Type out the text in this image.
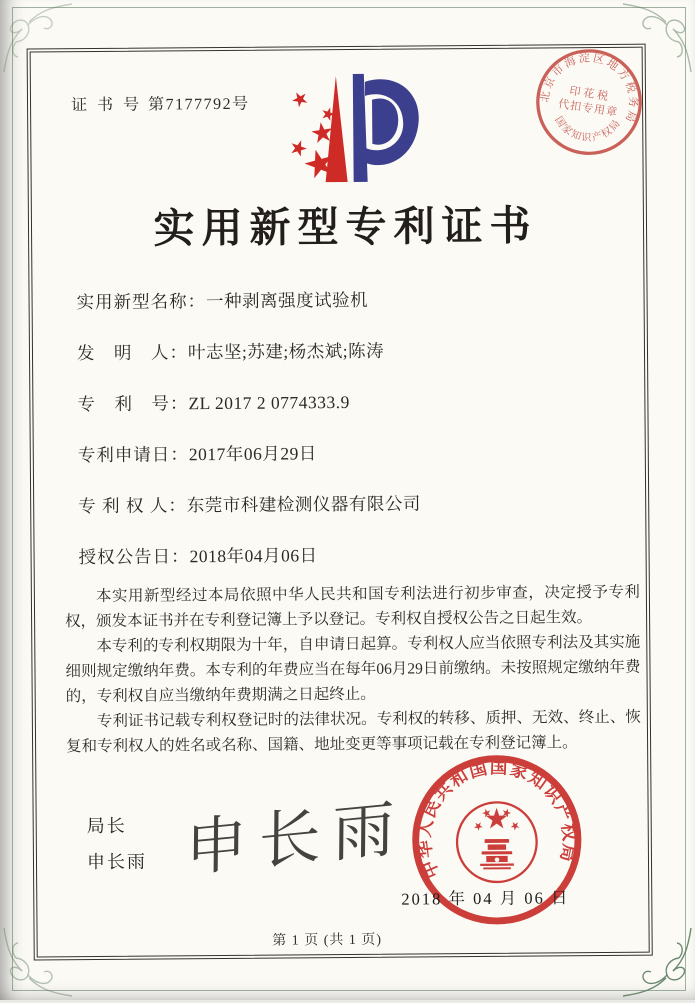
证 书 号 第7177792号
北京市海淀区地方税务局
国家知识产权局
印花税
代扣专用章
实用新型专利证书
实用新型名称：一种剥离强度试验机
发　明　人：叶志坚;苏建;杨杰斌;陈涛
专　利　号：ZL 2017 2 0774333.9
专利申请日：2017年06月29日
专 利 权 人：东莞市科建检测仪器有限公司
授权公告日：2018年04月06日

本实用新型经过本局依照中华人民共和国专利法进行初步审查，决定授予专利权，颁发本证书并在专利登记簿上予以登记。专利权自授权公告之日起生效。

本专利的专利权期限为十年，自申请日起算。专利权人应当依照专利法及其实施细则规定缴纳年费。本专利的年费应当在每年06月29日前缴纳。未按照规定缴纳年费的，专利权自应当缴纳年费期满之日起终止。

专利证书记载专利权登记时的法律状况。专利权的转移、质押、无效、终止、恢复和专利权人的姓名或名称、国籍、地址变更等事项记载在专利登记簿上。

局长
申长雨 申长雨 中华人民共和国国家知识产权局
2018 年 04 月 06 日
第 1 页 (共 1 页)
